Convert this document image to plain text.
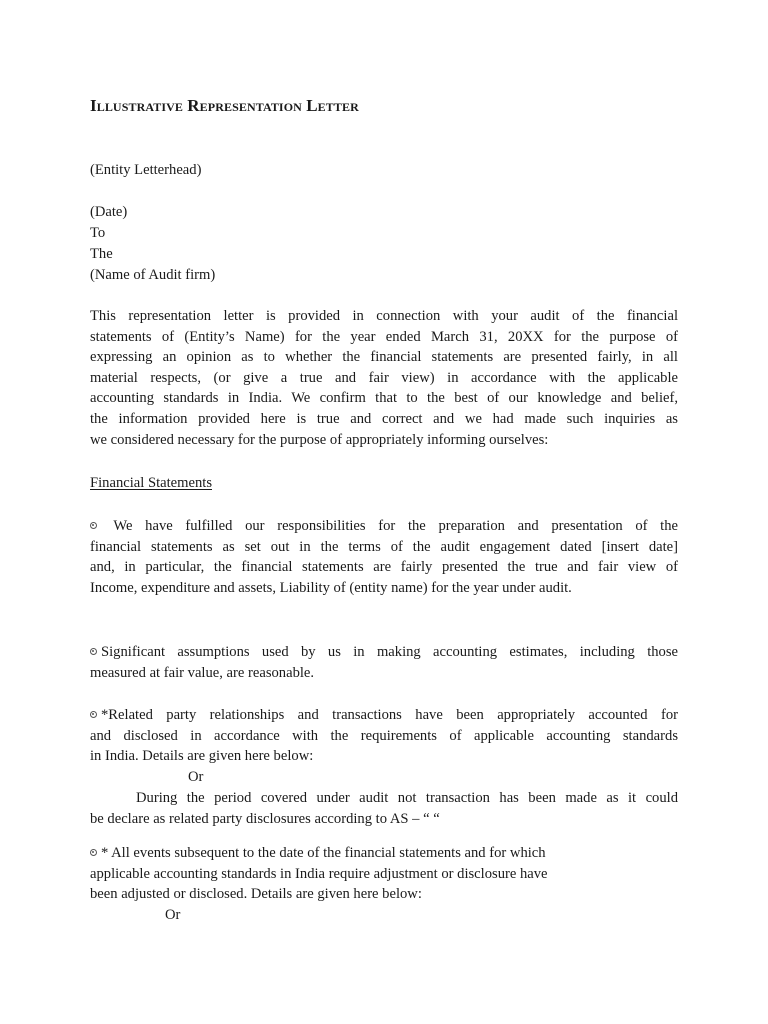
Illustrative Representation Letter

(Entity Letterhead)

(Date)

To

The

(Name of Audit firm)

This representation letter is provided in connection with your audit of the financial
statements of (Entity’s Name) for the year ended March 31, 20XX for the purpose of
expressing an opinion as to whether the financial statements are presented fairly, in all
material respects, (or give a true and fair view) in accordance with the applicable
accounting standards in India. We confirm that to the best of our knowledge and belief,
the information provided here is true and correct and we had made such inquiries as
we considered necessary for the purpose of appropriately informing ourselves:

Financial Statements

We have fulfilled our responsibilities for the preparation and presentation of the
financial statements as set out in the terms of the audit engagement dated [insert date]
and, in particular, the financial statements are fairly presented the true and fair view of
Income, expenditure and assets, Liability of (entity name) for the year under audit.
Significant assumptions used by us in making accounting estimates, including those
measured at fair value, are reasonable.
*Related party relationships and transactions have been appropriately accounted for
and disclosed in accordance with the requirements of applicable accounting standards
in India. Details are given here below:

Or

During the period covered under audit not transaction has been made as it could
be declare as related party disclosures according to AS – “ “
* All events subsequent to the date of the financial statements and for which
applicable accounting standards in India require adjustment or disclosure have
been adjusted or disclosed. Details are given here below:

Or
